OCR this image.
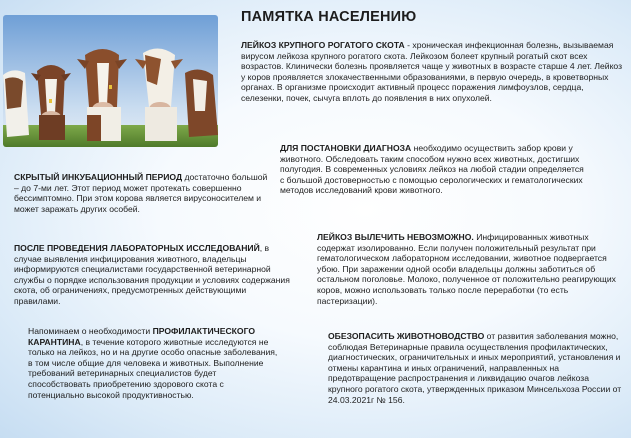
ПАМЯТКА НАСЕЛЕНИЮ
ЛЕЙКОЗ КРУПНОГО РОГАТОГО СКОТА - хроническая инфекционная болезнь, вызываемая вирусом лейкоза крупного рогатого скота. Лейкозом болеет крупный рогатый скот всех возрастов. Клинически болезнь проявляется чаще у животных в возрасте старше 4 лет. Лейкоз у коров проявляется злокачественными образованиями, в первую очередь, в кроветворных органах. В организме происходит активный процесс поражения лимфоузлов, сердца, селезенки, почек, сычуга вплоть до появления в них опухолей.
ДЛЯ ПОСТАНОВКИ ДИАГНОЗА необходимо осуществить забор крови у животного. Обследовать таким способом нужно всех животных, достигших полугодия. В современных условиях лейкоз на любой стадии определяется с большой достоверностью с помощью серологических и гематологических методов исследований крови животного.
СКРЫТЫЙ ИНКУБАЦИОННЫЙ ПЕРИОД достаточно большой – до 7-ми лет. Этот период может протекать совершенно бессимптомно. При этом корова является вирусоносителем и может заражать других особей.
ЛЕЙКОЗ ВЫЛЕЧИТЬ НЕВОЗМОЖНО. Инфицированных животных содержат изолированно. Если получен положительный результат при гематологическом лабораторном исследовании, животное подвергается убою. При заражении одной особи владельцы должны заботиться об остальном поголовье. Молоко, полученное от положительно реагирующих коров, можно использовать только после переработки (то есть пастеризации).
ПОСЛЕ ПРОВЕДЕНИЯ ЛАБОРАТОРНЫХ ИССЛЕДОВАНИЙ, в случае выявления инфицирования животного, владельцы информируются специалистами государственной ветеринарной службы о порядке использования продукции и условиях содержания скота, об ограничениях, предусмотренных действующими правилами.
Напоминаем о необходимости ПРОФИЛАКТИЧЕСКОГО КАРАНТИНА, в течение которого животные исследуются не только на лейкоз, но и на другие особо опасные заболевания, в том числе общие для человека и животных. Выполнение требований ветеринарных специалистов будет способствовать приобретению здорового скота с потенциально высокой продуктивностью.
ОБЕЗОПАСИТЬ ЖИВОТНОВОДСТВО от развития заболевания можно, соблюдая Ветеринарные правила осуществления профилактических, диагностических, ограничительных и иных мероприятий, установления и отмены карантина и иных ограничений, направленных на предотвращение распространения и ликвидацию очагов лейкоза крупного рогатого скота, утвержденных приказом Минсельхоза России от 24.03.2021г № 156.
